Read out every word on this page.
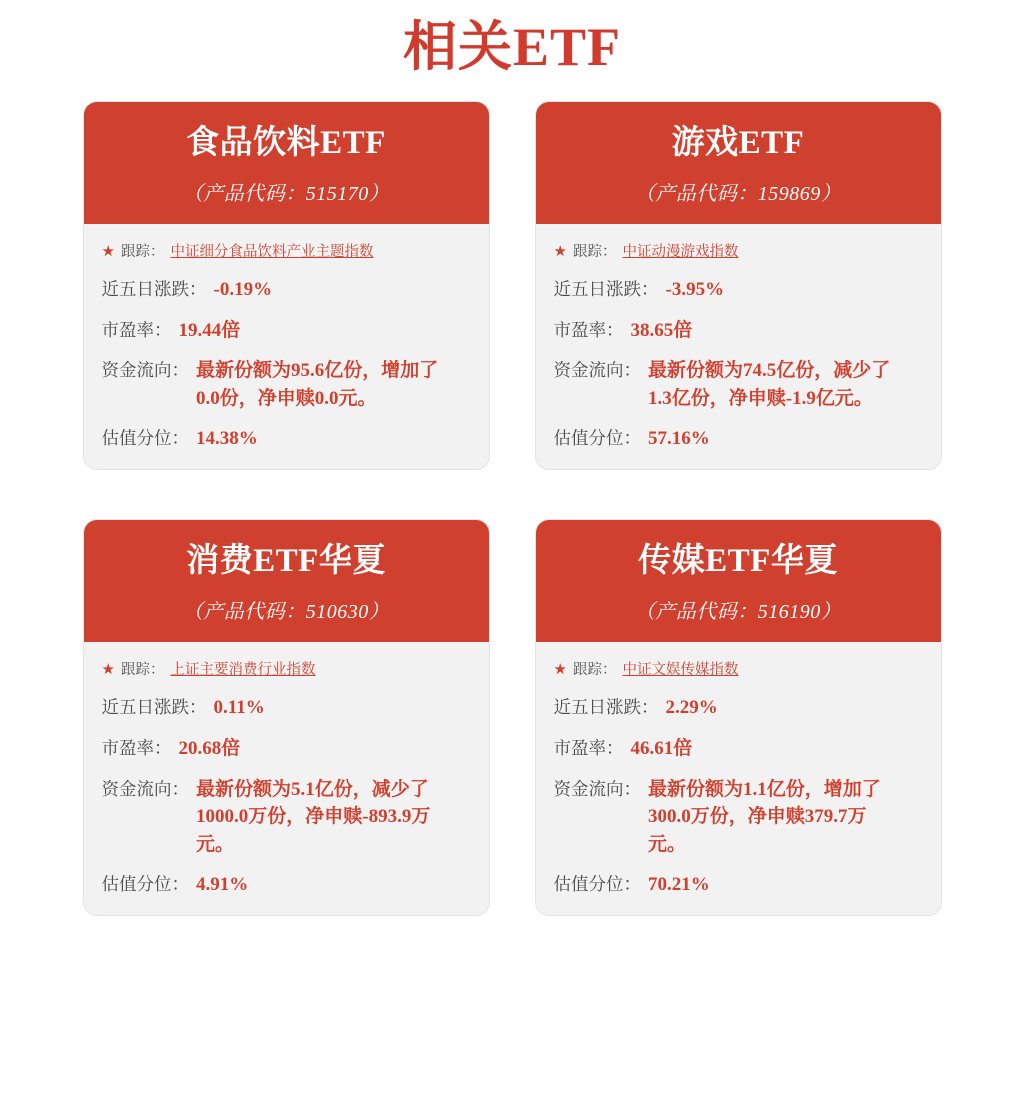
相关ETF
食品饮料ETF
（产品代码：515170）
★ 跟踪： 中证细分食品饮料产业主题指数
近五日涨跌： -0.19%
市盈率： 19.44倍
资金流向： 最新份额为95.6亿份，增加了0.0份，净申赎0.0元。
估值分位： 14.38%
游戏ETF
（产品代码：159869）
★ 跟踪： 中证动漫游戏指数
近五日涨跌： -3.95%
市盈率： 38.65倍
资金流向： 最新份额为74.5亿份，减少了1.3亿份，净申赎-1.9亿元。
估值分位： 57.16%
消费ETF华夏
（产品代码：510630）
★ 跟踪： 上证主要消费行业指数
近五日涨跌： 0.11%
市盈率： 20.68倍
资金流向： 最新份额为5.1亿份，减少了1000.0万份，净申赎-893.9万元。
估值分位： 4.91%
传媒ETF华夏
（产品代码：516190）
★ 跟踪： 中证文娱传媒指数
近五日涨跌： 2.29%
市盈率： 46.61倍
资金流向： 最新份额为1.1亿份，增加了300.0万份，净申赎379.7万元。
估值分位： 70.21%
